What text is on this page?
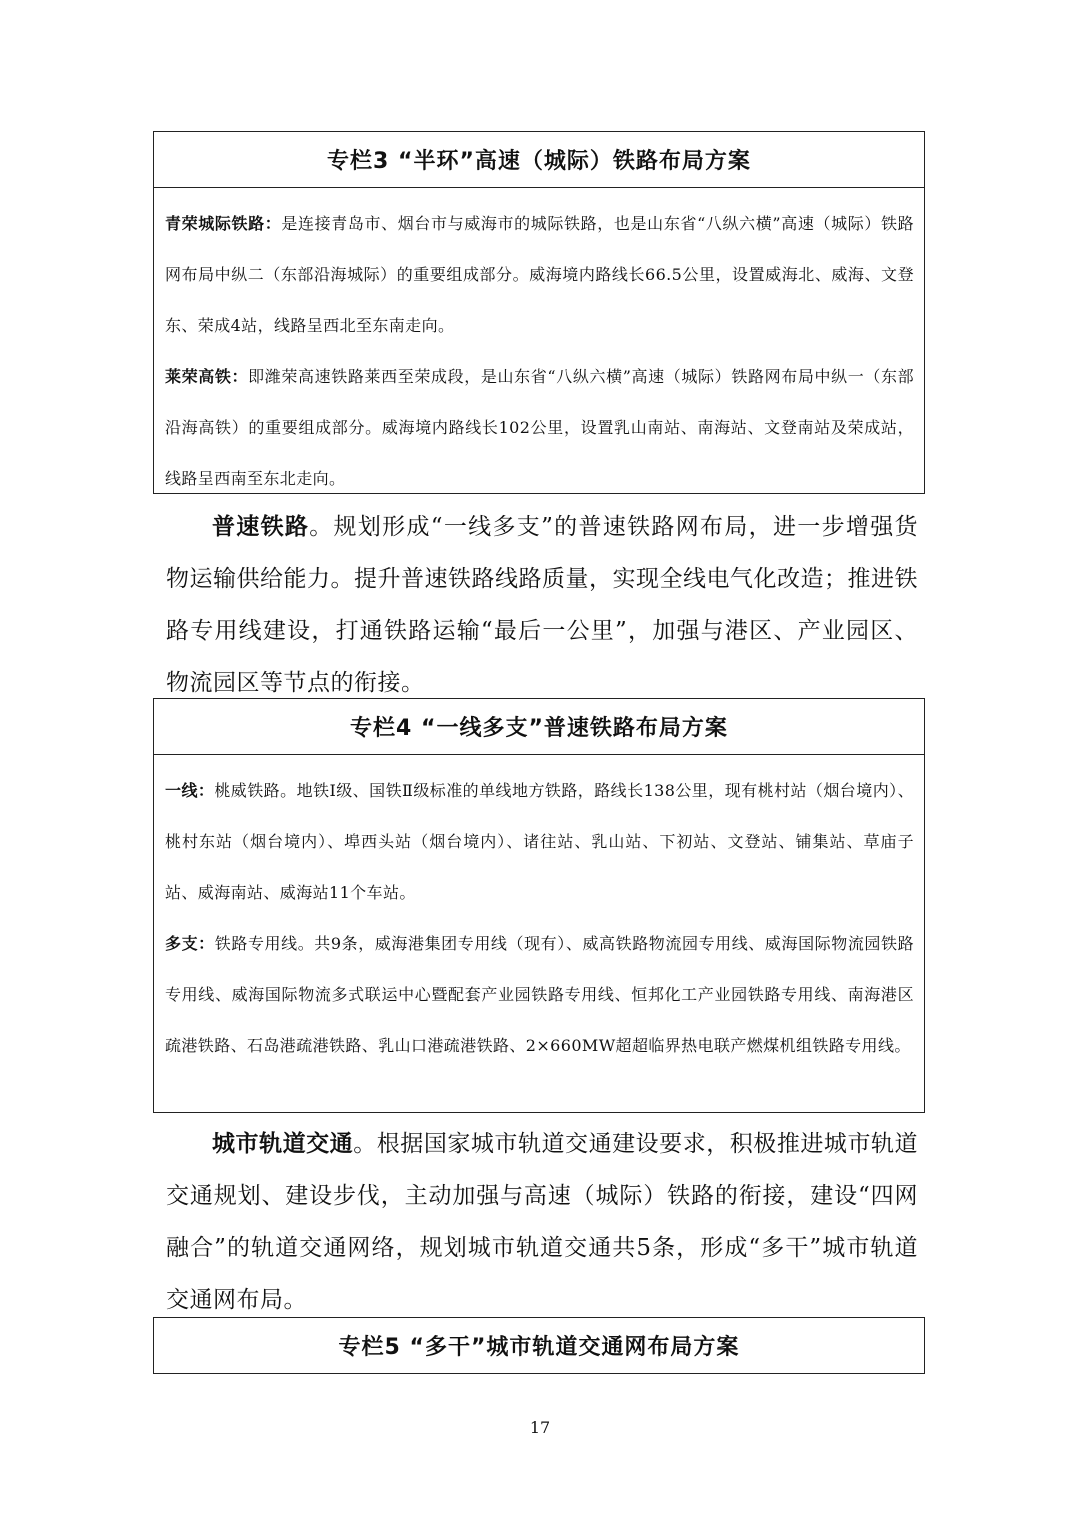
专栏3 “半环”高速（城际）铁路布局方案

青荣城际铁路：是连接青岛市、烟台市与威海市的城际铁路，也是山东省“八纵六横”高速（城际）铁路网布局中纵二（东部沿海城际）的重要组成部分。威海境内路线长66.5公里，设置威海北、威海、文登东、荣成4站，线路呈西北至东南走向。

莱荣高铁：即潍荣高速铁路莱西至荣成段，是山东省“八纵六横”高速（城际）铁路网布局中纵一（东部沿海高铁）的重要组成部分。威海境内路线长102公里，设置乳山南站、南海站、文登南站及荣成站，线路呈西南至东北走向。

普速铁路。规划形成“一线多支”的普速铁路网布局，进一步增强货物运输供给能力。提升普速铁路线路质量，实现全线电气化改造；推进铁路专用线建设，打通铁路运输“最后一公里”，加强与港区、产业园区、物流园区等节点的衔接。

专栏4 “一线多支”普速铁路布局方案

一线：桃威铁路。地铁Ⅰ级、国铁Ⅱ级标准的单线地方铁路，路线长138公里，现有桃村站（烟台境内）、桃村东站（烟台境内）、埠西头站（烟台境内）、诸往站、乳山站、下初站、文登站、铺集站、草庙子站、威海南站、威海站11个车站。

多支：铁路专用线。共9条，威海港集团专用线（现有）、威高铁路物流园专用线、威海国际物流园铁路专用线、威海国际物流多式联运中心暨配套产业园铁路专用线、恒邦化工产业园铁路专用线、南海港区疏港铁路、石岛港疏港铁路、乳山口港疏港铁路、2×660MW超超临界热电联产燃煤机组铁路专用线。

城市轨道交通。根据国家城市轨道交通建设要求，积极推进城市轨道交通规划、建设步伐，主动加强与高速（城际）铁路的衔接，建设“四网融合”的轨道交通网络，规划城市轨道交通共5条，形成“多干”城市轨道交通网布局。

专栏5 “多干”城市轨道交通网布局方案
17
